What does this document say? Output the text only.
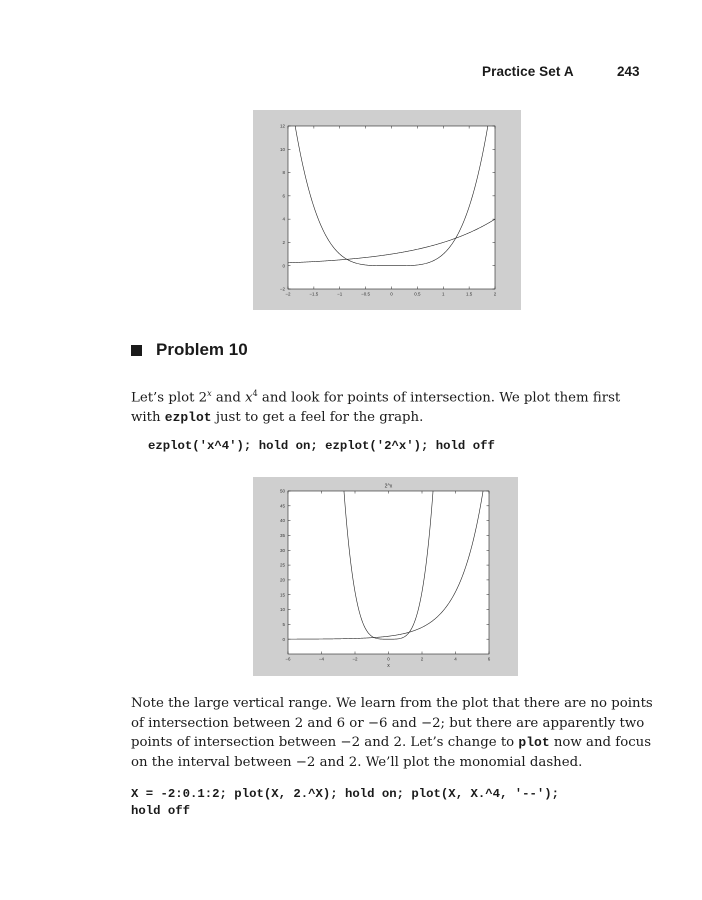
Practice Set A	243
−2	−1.5	−1	−0.5	0	0.5	1	1.5	2
−2
0
2
4
6
8
10
12
Problem 10
Let’s plot 2$^x$ and $x^4$ and look for points of intersection. We plot them first
with ezplot just to get a feel for the graph.
ezplot('x^4'); hold on; ezplot('2^x'); hold off
−6	−4	−2	0	2	4	6
0
5
10
15
20
25
30
35
40
45
50
2^x
x
Note the large vertical range. We learn from the plot that there are no points
of intersection between 2 and 6 or −6 and −2; but there are apparently two
points of intersection between −2 and 2. Let’s change to plot now and focus
on the interval between −2 and 2. We’ll plot the monomial dashed.
X = -2:0.1:2; plot(X, 2.^X); hold on; plot(X, X.^4, '--');
hold off
